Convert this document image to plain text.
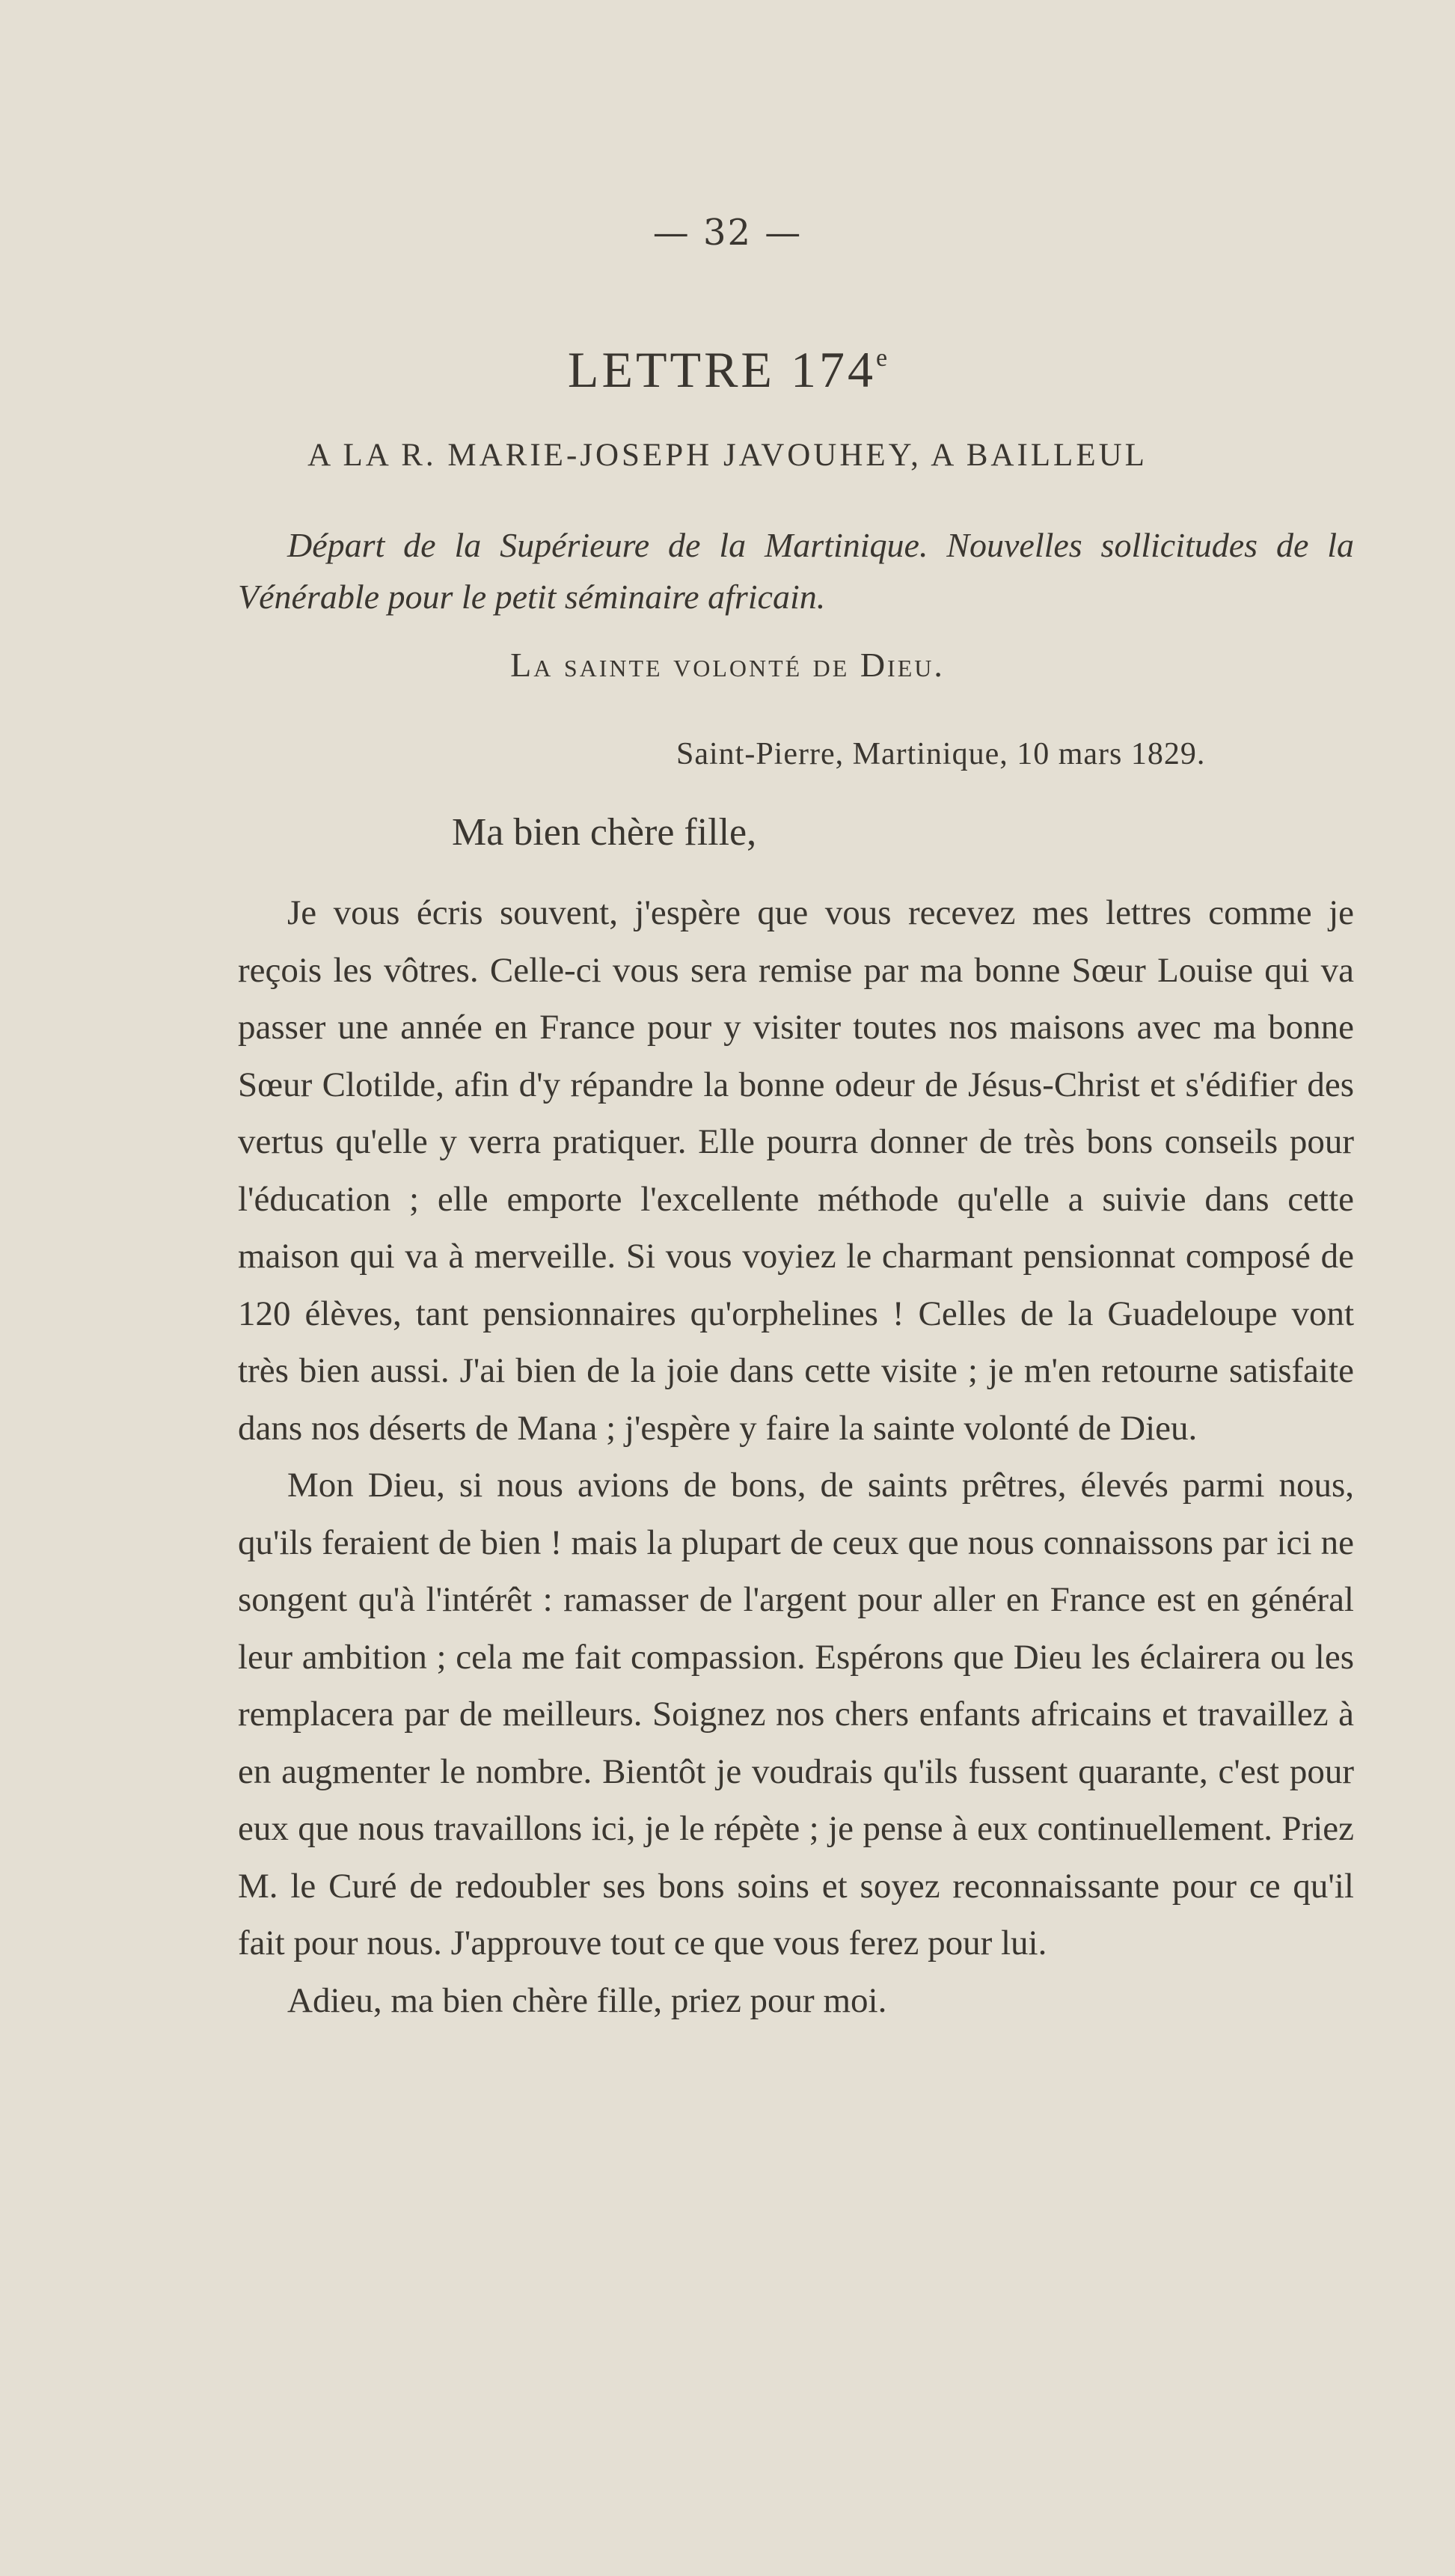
— 32 —
LETTRE 174e
A LA R. MARIE-JOSEPH JAVOUHEY, A BAILLEUL

Départ de la Supérieure de la Martinique. Nouvelles sollicitudes de la Vénérable pour le petit séminaire africain.

La sainte volonté de Dieu.
Saint-Pierre, Martinique, 10 mars 1829.
Ma bien chère fille,

Je vous écris souvent, j'espère que vous recevez mes lettres comme je reçois les vôtres. Celle-ci vous sera remise par ma bonne Sœur Louise qui va passer une année en France pour y visiter toutes nos maisons avec ma bonne Sœur Clotilde, afin d'y répandre la bonne odeur de Jésus-Christ et s'édifier des vertus qu'elle y verra pratiquer. Elle pourra donner de très bons conseils pour l'éducation ; elle emporte l'excellente méthode qu'elle a suivie dans cette maison qui va à merveille. Si vous voyiez le charmant pensionnat composé de 120 élèves, tant pensionnaires qu'orphelines ! Celles de la Guadeloupe vont très bien aussi. J'ai bien de la joie dans cette visite ; je m'en retourne satisfaite dans nos déserts de Mana ; j'espère y faire la sainte volonté de Dieu.

Mon Dieu, si nous avions de bons, de saints prêtres, élevés parmi nous, qu'ils feraient de bien ! mais la plupart de ceux que nous connaissons par ici ne songent qu'à l'intérêt : ramasser de l'argent pour aller en France est en général leur ambition ; cela me fait compassion. Espérons que Dieu les éclairera ou les remplacera par de meilleurs. Soignez nos chers enfants africains et travaillez à en augmenter le nombre. Bientôt je voudrais qu'ils fussent quarante, c'est pour eux que nous travaillons ici, je le répète ; je pense à eux continuellement. Priez M. le Curé de redoubler ses bons soins et soyez reconnaissante pour ce qu'il fait pour nous. J'approuve tout ce que vous ferez pour lui.

Adieu, ma bien chère fille, priez pour moi.
